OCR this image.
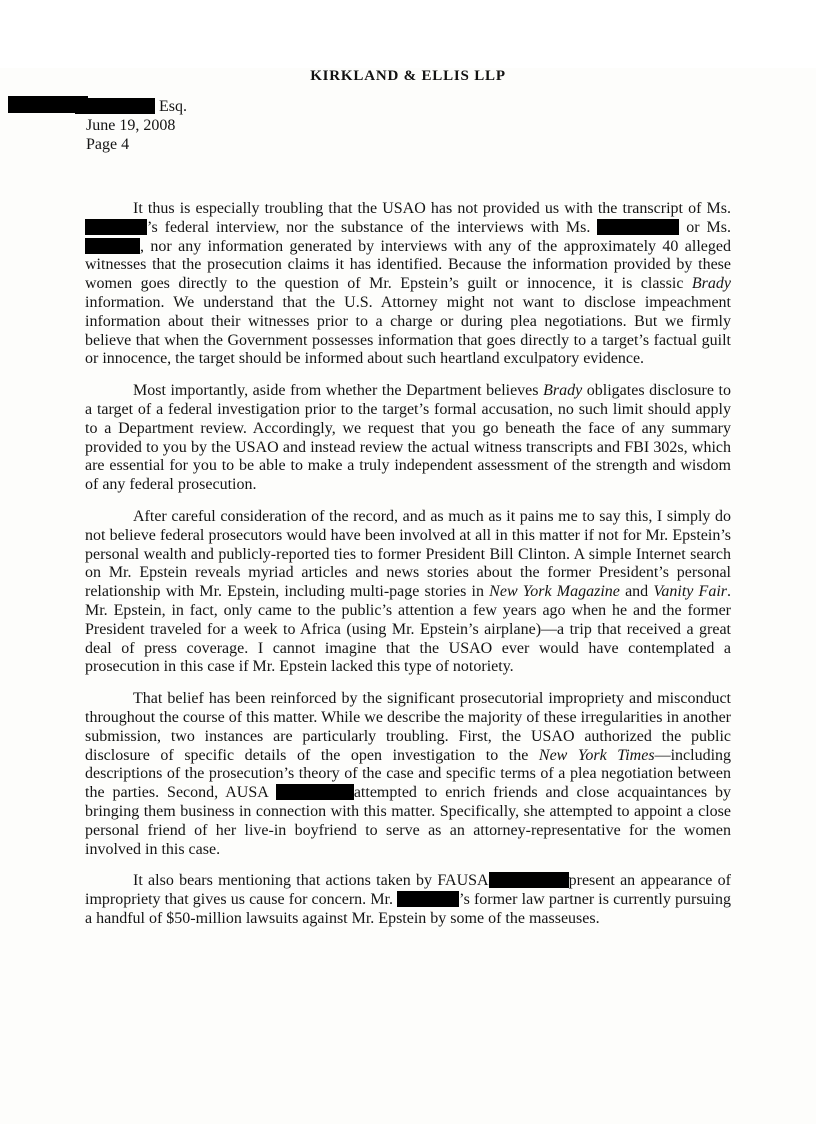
KIRKLAND & ELLIS LLP
Esq.
June 19, 2008
Page 4

It thus is especially troubling that the USAO has not provided us with the transcript of Ms. ’s federal interview, nor the substance of the interviews with Ms.	or Ms. , nor any information generated by interviews with any of the approximately 40 alleged witnesses that the prosecution claims it has identified. Because the information provided by these women goes directly to the question of Mr. Epstein’s guilt or innocence, it is classic Brady information. We understand that the U.S. Attorney might not want to disclose impeachment information about their witnesses prior to a charge or during plea negotiations. But we firmly believe that when the Government possesses information that goes directly to a target’s factual guilt or innocence, the target should be informed about such heartland exculpatory evidence.

Most importantly, aside from whether the Department believes Brady obligates disclosure to a target of a federal investigation prior to the target’s formal accusation, no such limit should apply to a Department review. Accordingly, we request that you go beneath the face of any summary provided to you by the USAO and instead review the actual witness transcripts and FBI 302s, which are essential for you to be able to make a truly independent assessment of the strength and wisdom of any federal prosecution.

After careful consideration of the record, and as much as it pains me to say this, I simply do not believe federal prosecutors would have been involved at all in this matter if not for Mr. Epstein’s personal wealth and publicly-reported ties to former President Bill Clinton. A simple Internet search on Mr. Epstein reveals myriad articles and news stories about the former President’s personal relationship with Mr. Epstein, including multi-page stories in New York Magazine and Vanity Fair. Mr. Epstein, in fact, only came to the public’s attention a few years ago when he and the former President traveled for a week to Africa (using Mr. Epstein’s airplane)—a trip that received a great deal of press coverage. I cannot imagine that the USAO ever would have contemplated a prosecution in this case if Mr. Epstein lacked this type of notoriety.

That belief has been reinforced by the significant prosecutorial impropriety and misconduct throughout the course of this matter. While we describe the majority of these irregularities in another submission, two instances are particularly troubling. First, the USAO authorized the public disclosure of specific details of the open investigation to the New York Times—including descriptions of the prosecution’s theory of the case and specific terms of a plea negotiation between the parties. Second, AUSA	attempted to enrich friends and close acquaintances by bringing them business in connection with this matter. Specifically, she attempted to appoint a close personal friend of her live-in boyfriend to serve as an attorney-representative for the women involved in this case.

It also bears mentioning that actions taken by FAUSA	present an appearance of impropriety that gives us cause for concern. Mr.	’s former law partner is currently pursuing a handful of $50-million lawsuits against Mr. Epstein by some of the masseuses.
